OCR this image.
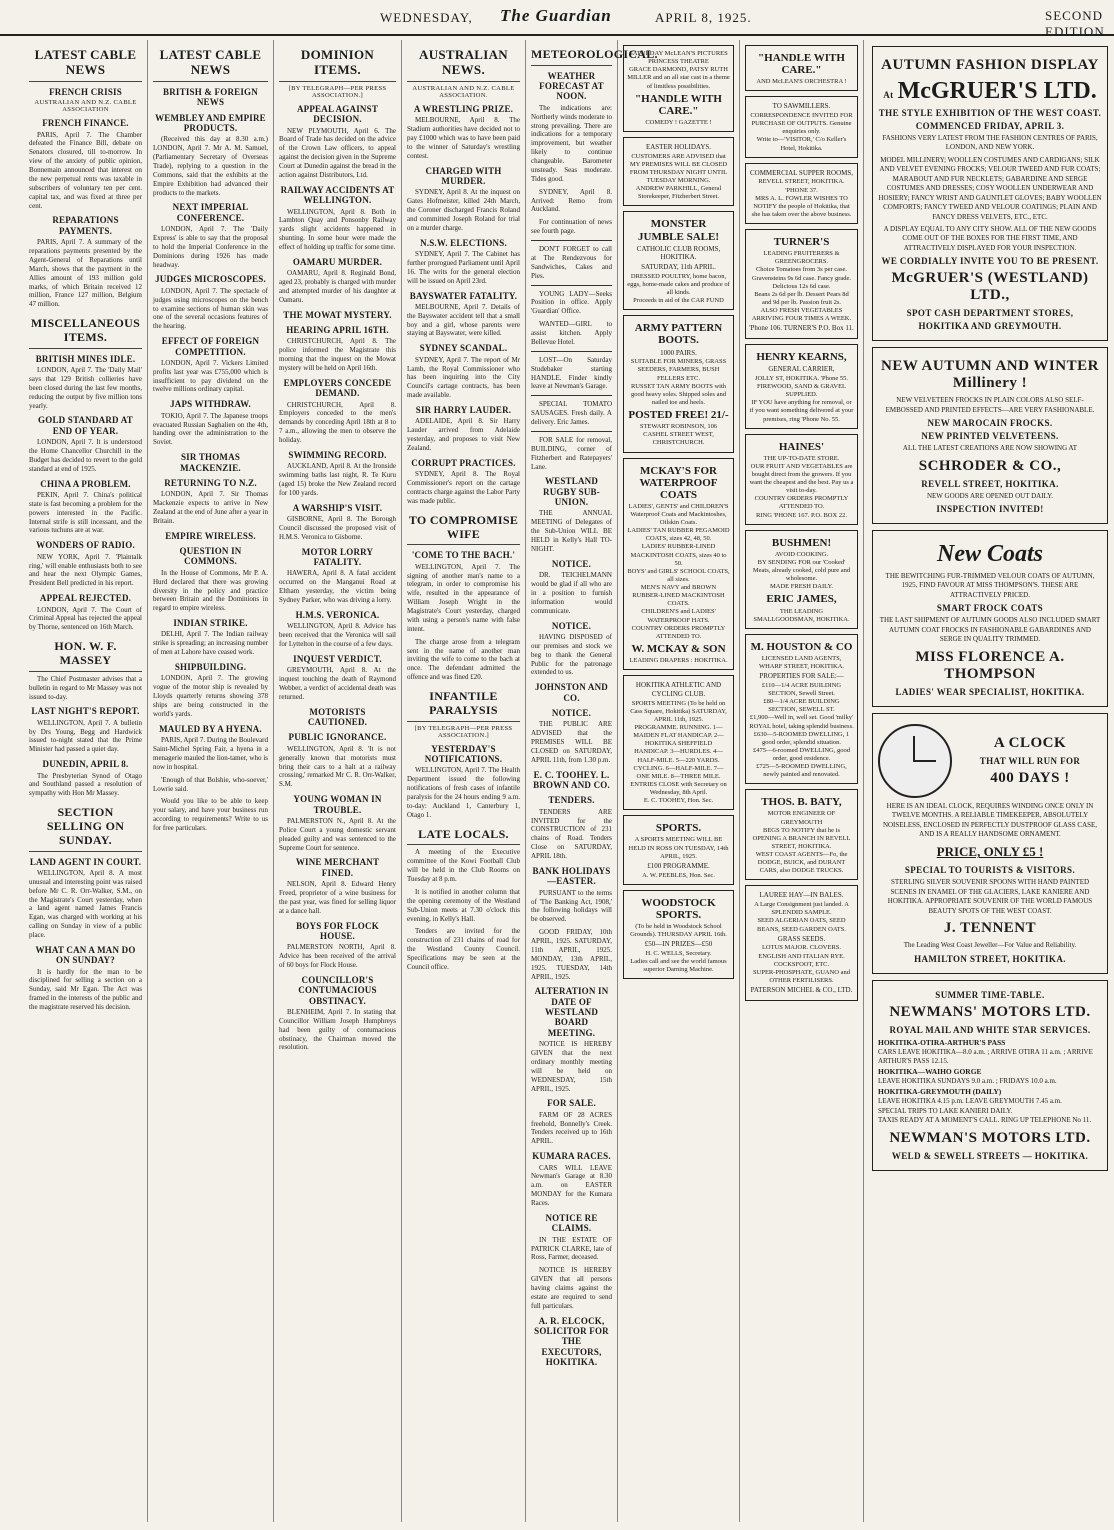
WEDNESDAY, The Guardian	APRIL 8, 1925.	SECOND EDITION
LATEST CABLE NEWS
FRENCH CRISIS
AUSTRALIAN AND N.Z. CABLE ASSOCIATION
FRENCH FINANCE.

PARIS, April 7. The Chamber defeated the Finance Bill, debate on Senators closured, till to-morrow. In view of the anxiety of public opinion, Bonnemain announced that interest on the new perpetual rents was taxable in subscribers of voluntary ten per cent. capital tax, and was fixed at three per cent.

REPARATIONS PAYMENTS.

PARIS, April 7. A summary of the reparations payments presented by the Agent-General of Reparations until March, shows that the payment in the Allies amount of 193 million gold marks, of which Britain received 12 million, France 127 million, Belgium 47 million.

MISCELLANEOUS ITEMS.
BRITISH MINES IDLE.

LONDON, April 7. The 'Daily Mail' says that 129 British collieries have been closed during the last few months, reducing the output by five million tons yearly.

GOLD STANDARD AT END OF YEAR.

LONDON, April 7. It is understood the Home Chancellor Churchill in the Budget has decided to revert to the gold standard at end of 1925.

CHINA A PROBLEM.

PEKIN, April 7. China's political state is fast becoming a problem for the powers interested in the Pacific. Internal strife is still incessant, and the various tuchuns are at war.

WONDERS OF RADIO.

NEW YORK, April 7. 'Plaintalk ring,' will enable enthusiasts both to see and hear the next Olympic Games, President Bell predicted in his report.

APPEAL REJECTED.

LONDON, April 7. The Court of Criminal Appeal has rejected the appeal by Thorne, sentenced on 16th March.

HON. W. F. MASSEY

The Chief Postmaster advises that a bulletin in regard to Mr Massey was not issued to-day.

LAST NIGHT'S REPORT.

WELLINGTON, April 7. A bulletin by Drs Young, Begg and Hardwick issued to-night stated that the Prime Minister had passed a quiet day.

DUNEDIN, APRIL 8.

The Presbyterian Synod of Otago and Southland passed a resolution of sympathy with Hon Mr Massey.

SECTION SELLING ON SUNDAY.
LAND AGENT IN COURT.

WELLINGTON, April 8. A most unusual and interesting point was raised before Mr C. R. Orr-Walker, S.M., on the Magistrate's Court yesterday, when a land agent named James Francis Egan, was charged with working at his calling on Sunday in view of a public place.

WHAT CAN A MAN DO ON SUNDAY?

It is hardly for the man to be disciplined for selling a section on a Sunday, said Mr Egan. The Act was framed in the interests of the public and the magistrate reserved his decision.

LATEST CABLE NEWS
BRITISH & FOREIGN NEWS
WEMBLEY AND EMPIRE PRODUCTS.

(Received this day at 8.30 a.m.) LONDON, April 7. Mr A. M. Samuel, (Parliamentary Secretary of Overseas Trade), replying to a question in the Commons, said that the exhibits at the Empire Exhibition had advanced their products to the markets.

NEXT IMPERIAL CONFERENCE.

LONDON, April 7. The 'Daily Express' is able to say that the proposal to hold the Imperial Conference in the Dominions during 1926 has made headway.

JUDGES MICROSCOPES.

LONDON, April 7. The spectacle of judges using microscopes on the bench to examine sections of human skin was one of the several occasions features of the hearing.

EFFECT OF FOREIGN COMPETITION.

LONDON, April 7. Vickers Limited profits last year was £755,000 which is insufficient to pay dividend on the twelve millions ordinary capital.

JAPS WITHDRAW.

TOKIO, April 7. The Japanese troops evacuated Russian Saghalien on the 4th, handing over the administration to the Soviet.

SIR THOMAS MACKENZIE.
RETURNING TO N.Z.

LONDON, April 7. Sir Thomas Mackenzie expects to arrive in New Zealand at the end of June after a year in Britain.

EMPIRE WIRELESS.
QUESTION IN COMMONS.

In the House of Commons, Mr P. A. Hurd declared that there was growing diversity in the policy and practice between Britain and the Dominions in regard to empire wireless.

INDIAN STRIKE.

DELHI, April 7. The Indian railway strike is spreading; an increasing number of men at Lahore have ceased work.

SHIPBUILDING.

LONDON, April 7. The growing vogue of the motor ship is revealed by Lloyds quarterly returns showing 378 ships are being constructed in the world's yards.

MAULED BY A HYENA.

PARIS, April 7. During the Boulevard Saint-Michel Spring Fair, a hyena in a menagerie mauled the lion-tamer, who is now in hospital.

'Enough of that Bolshie, who-soever,' Lowrie said.

Would you like to be able to keep your salary, and have your business run according to requirements? Write to us for free particulars.

DOMINION ITEMS.
[BY TELEGRAPH—PER PRESS ASSOCIATION.]
APPEAL AGAINST DECISION.

NEW PLYMOUTH, April 6. The Board of Trade has decided on the advice of the Crown Law officers, to appeal against the decision given in the Supreme Court at Dunedin against the bread in the action against Distributors, Ltd.

RAILWAY ACCIDENTS AT WELLINGTON.

WELLINGTON, April 8. Both in Lambton Quay and Ponsonby Railway yards slight accidents happened in shunting. In some hour were made the effect of holding up traffic for some time.

OAMARU MURDER.

OAMARU, April 8. Reginald Bond, aged 23, probably is charged with murder and attempted murder of his daughter at Oamaru.

THE MOWAT MYSTERY.
HEARING APRIL 16TH.

CHRISTCHURCH, April 8. The police informed the Magistrate this morning that the inquest on the Mowat mystery will be held on April 16th.

EMPLOYERS CONCEDE DEMAND.

CHRISTCHURCH, April 8. Employers conceded to the men's demands by conceding April 18th at 8 to 7 a.m., allowing the men to observe the holiday.

SWIMMING RECORD.

AUCKLAND, April 8. At the Ironside swimming baths last night, R. Te Kuru (aged 15) broke the New Zealand record for 100 yards.

A WARSHIP'S VISIT.

GISBORNE, April 8. The Borough Council discussed the proposed visit of H.M.S. Veronica to Gisborne.

MOTOR LORRY FATALITY.

HAWERA, April 8. A fatal accident occurred on the Manganui Road at Eltham yesterday, the victim being Sydney Parker, who was driving a lorry.

H.M.S. VERONICA.

WELLINGTON, April 8. Advice has been received that the Veronica will sail for Lyttelton in the course of a few days.

INQUEST VERDICT.

GREYMOUTH, April 8. At the inquest touching the death of Raymond Webber, a verdict of accidental death was returned.

MOTORISTS CAUTIONED.
PUBLIC IGNORANCE.

WELLINGTON, April 8. 'It is not generally known that motorists must bring their cars to a halt at a railway crossing,' remarked Mr C. R. Orr-Walker, S.M.

YOUNG WOMAN IN TROUBLE.

PALMERSTON N., April 8. At the Police Court a young domestic servant pleaded guilty and was sentenced to the Supreme Court for sentence.

WINE MERCHANT FINED.

NELSON, April 8. Edward Henry Freed, proprietor of a wine business for the past year, was fined for selling liquor at a dance hall.

BOYS FOR FLOCK HOUSE.

PALMERSTON NORTH, April 8. Advice has been received of the arrival of 60 boys for Flock House.

COUNCILLOR'S CONTUMACIOUS OBSTINACY.

BLENHEIM, April 7. In stating that Councillor William Joseph Humphreys had been guilty of contumacious obstinacy, the Chairman moved the resolution.

AUSTRALIAN NEWS.
AUSTRALIAN AND N.Z. CABLE ASSOCIATION.
A WRESTLING PRIZE.

MELBOURNE, April 8. The Stadium authorities have decided not to pay £1000 which was to have been paid to the winner of Saturday's wrestling contest.

CHARGED WITH MURDER.

SYDNEY, April 8. At the inquest on Gates Hofmeister, killed 24th March, the Coroner discharged Francis Roland and committed Joseph Roland for trial on a murder charge.

N.S.W. ELECTIONS.

SYDNEY, April 7. The Cabinet has further prorogued Parliament until April 16. The writs for the general election will be issued on April 23rd.

BAYSWATER FATALITY.

MELBOURNE, April 7. Details of the Bayswater accident tell that a small boy and a girl, whose parents were staying at Bayswater, were killed.

SYDNEY SCANDAL.

SYDNEY, April 7. The report of Mr Lamb, the Royal Commissioner who has been inquiring into the City Council's cartage contracts, has been made available.

SIR HARRY LAUDER.

ADELAIDE, April 8. Sir Harry Lauder arrived from Adelaide yesterday, and proposes to visit New Zealand.

CORRUPT PRACTICES.

SYDNEY, April 8. The Royal Commissioner's report on the cartage contracts charge against the Labor Party was made public.

TO COMPROMISE WIFE
'COME TO THE BACH.'

WELLINGTON, April 7. The signing of another man's name to a telegram, in order to compromise his wife, resulted in the appearance of William Joseph Wright in the Magistrate's Court yesterday, charged with using a person's name with false intent.

The charge arose from a telegram sent in the name of another man inviting the wife to come to the bach at once. The defendant admitted the offence and was fined £20.

INFANTILE PARALYSIS
[BY TELEGRAPH—PER PRESS ASSOCIATION.]
YESTERDAY'S NOTIFICATIONS.

WELLINGTON, April 7. The Health Department issued the following notifications of fresh cases of infantile paralysis for the 24 hours ending 9 a.m. to-day: Auckland 1, Canterbury 1, Otago 1.

LATE LOCALS.

A meeting of the Executive committee of the Kowi Football Club will be held in the Club Rooms on Tuesday at 8 p.m.

It is notified in another column that the opening ceremony of the Westland Sub-Union meets at 7.30 o'clock this evening, in Kelly's Hall.

Tenders are invited for the construction of 231 chains of road for the Westland County Council. Specifications may be seen at the Council office.

METEOROLOGICAL.
WEATHER FORECAST AT NOON.

The indications are: Northerly winds moderate to strong prevailing. There are indications for a temporary improvement, but weather likely to continue changeable. Barometer unsteady. Seas moderate. Tides good.

SYDNEY, April 8. Arrived: Remo from Auckland.

For continuation of news see fourth page.

DON'T FORGET to call at The Rendezvous for Sandwiches, Cakes and Pies.

YOUNG LADY—Seeks Position in office. Apply 'Guardian' Office.

WANTED—GIRL to assist kitchen. Apply Bellevue Hotel.

LOST—On Saturday Studebaker starting HANDLE. Finder kindly leave at Newman's Garage.

SPECIAL TOMATO SAUSAGES. Fresh daily. A delivery. Eric James.

FOR SALE for removal, BUILDING, corner of Fitzherbert and Ratepayers' Lane.

WESTLAND RUGBY SUB-UNION.

THE ANNUAL MEETING of Delegates of the Sub-Union WILL BE HELD in Kelly's Hall TO-NIGHT.

NOTICE.

DR. TEICHELMANN would be glad if all who are in a position to furnish information would communicate.

NOTICE.

HAVING DISPOSED of our premises and stock we beg to thank the General Public for the patronage extended to us.

JOHNSTON AND CO.
NOTICE.

THE PUBLIC ARE ADVISED that the PREMISES WILL BE CLOSED on SATURDAY, APRIL 11th, from 1.30 p.m.

E. C. TOOHEY. L. BROWN AND CO.
TENDERS.

TENDERS ARE INVITED for the CONSTRUCTION of 231 chains of Road. Tenders Close on SATURDAY, APRIL 18th.

BANK HOLIDAYS—EASTER.

PURSUANT to the terms of 'The Banking Act, 1908,' the following holidays will be observed.

GOOD FRIDAY, 10th APRIL, 1925. SATURDAY, 11th APRIL, 1925. MONDAY, 13th APRIL, 1925. TUESDAY, 14th APRIL, 1925.

ALTERATION IN DATE OF WESTLAND BOARD MEETING.

NOTICE IS HEREBY GIVEN that the next ordinary monthly meeting will be held on WEDNESDAY, 15th APRIL, 1925.

FOR SALE.

FARM OF 28 ACRES freehold, Bonnelly's Creek. Tenders received up to 16th APRIL.

KUMARA RACES.

CARS WILL LEAVE Newman's Garage at 8.30 a.m. on EASTER MONDAY for the Kumara Races.

NOTICE RE CLAIMS.

IN THE ESTATE OF PATRICK CLARKE, late of Ross, Farmer, deceased.

NOTICE IS HEREBY GIVEN that all persons having claims against the estate are required to send full particulars.

A. R. ELCOCK, SOLICITOR FOR THE EXECUTORS, HOKITIKA.
SATURDAY McLEAN'S PICTURES PRINCESS THEATRE
GRACE DARMOND, PATSY RUTH MILLER and an all star cast in a theme of limitless possibilities.
"HANDLE WITH CARE."
COMEDY ! GAZETTE !
EASTER HOLIDAYS.
CUSTOMERS ARE ADVISED that MY PREMISES WILL BE CLOSED FROM THURSDAY NIGHT UNTIL TUESDAY MORNING.
ANDREW PARKHILL, General Storekeeper, Fitzherbert Street.
MONSTER JUMBLE SALE!
CATHOLIC CLUB ROOMS, HOKITIKA.
SATURDAY, 11th APRIL.
DRESSED POULTRY, home bacon, eggs, home-made cakes and produce of all kinds.
Proceeds in aid of the CAR FUND
ARMY PATTERN BOOTS.
1000 PAIRS.
SUITABLE FOR MINERS, GRASS SEEDERS, FARMERS, BUSH FELLERS ETC.
RUSSET TAN ARMY BOOTS with good heavy soles. Shipped soles and nailed toe and heels.
POSTED FREE! 21/-
STEWART ROBINSON, 106 CASHEL STREET WEST, CHRISTCHURCH.
MCKAY'S FOR WATERPROOF COATS
LADIES', GENTS' and CHILDREN'S Waterproof Coats and Mackintoshes, Oilskin Coats.
LADIES' TAN RUBBER PEGAMOID COATS, sizes 42, 48, 50.
LADIES' RUBBER-LINED MACKINTOSH COATS, sizes 40 to 50.
BOYS' and GIRLS' SCHOOL COATS, all sizes.
MEN'S NAVY and BROWN RUBBER-LINED MACKINTOSH COATS.
CHILDREN'S and LADIES' WATERPROOF HATS.
COUNTRY ORDERS PROMPTLY ATTENDED TO.
W. MCKAY & SON
LEADING DRAPERS : HOKITIKA.
HOKITIKA ATHLETIC AND CYCLING CLUB.
SPORTS MEETING (To be held on Cass Square, Hokitika) SATURDAY, APRIL 11th, 1925.
PROGRAMME. RUNNING. 1—MAIDEN FLAT HANDICAP. 2—HOKITIKA SHEFFIELD HANDICAP. 3—HURDLES. 4—HALF-MILE. 5—220 YARDS. CYCLING. 6—HALF-MILE. 7—ONE MILE. 8—THREE MILE.
ENTRIES CLOSE with Secretary on Wednesday, 8th April.
E. C. TOOHEY, Hon. Sec.
SPORTS.
A SPORTS MEETING WILL BE HELD IN ROSS ON TUESDAY, 14th APRIL, 1925.
£100 PROGRAMME.
A. W. PEEBLES, Hon. Sec.
WOODSTOCK SPORTS.
(To be held in Woodstock School Grounds). THURSDAY APRIL 16th.
£50—IN PRIZES—£50
H. C. WELLS, Secretary.
Ladies call and see the world famous superior Darning Machine.
"HANDLE WITH CARE."
AND McLEAN'S ORCHESTRA !
TO SAWMILLERS.
CORRESPONDENCE INVITED FOR PURCHASE OF OUTPUTS. Genuine enquiries only.
Write to—'VISITOR,' C/o Keller's Hotel, Hokitika.
COMMERCIAL SUPPER ROOMS,
REVELL STREET, HOKITIKA. 'PHONE 37.
MRS A. L. FOWLER WISHES TO NOTIFY the people of Hokitika, that she has taken over the above business.
TURNER'S
LEADING FRUITERERS & GREENGROCERS.
Choice Tomatoes from 3s per case. Gravensteins 9s 6d case. Fancy grade. Delicious 12s 6d case.
Beans 2s 6d per lb. Dessert Pears 8d and 9d per lb. Passion fruit 2s.
ALSO FRESH VEGETABLES ARRIVING FOUR TIMES A WEEK.
'Phone 106. TURNER'S P.O. Box 11.
HENRY KEARNS,
GENERAL CARRIER,
JOLLY ST, HOKITIKA. 'Phone 55.
FIREWOOD, SAND & GRAVEL SUPPLIED.
IF YOU have anything for removal, or if you want something delivered at your premises, ring 'Phone No. 55.
HAINES'
THE UP-TO-DATE STORE.
OUR FRUIT AND VEGETABLES are bought direct from the growers. If you want the cheapest and the best. Pay us a visit to-day.
COUNTRY ORDERS PROMPTLY ATTENDED TO.
RING 'PHONE 167. P.O. BOX 22.
BUSHMEN!
AVOID COOKING.
BY SENDING FOR our 'Cooked' Meats, already cooked, cold pure and wholesome.
MADE FRESH DAILY.
ERIC JAMES,
THE LEADING SMALLGOODSMAN, HOKITIKA.
M. HOUSTON & CO
LICENSED LAND AGENTS,
WHARF STREET, HOKITIKA.
PROPERTIES FOR SALE:—
£110—1/4 ACRE BUILDING SECTION, Sewell Street.
£80—1/4 ACRE BUILDING SECTION, SEWELL ST.
£1,900—Well in, well set. Good 'milky' ROYAL hotel, taking splendid business.
£630—5-ROOMED DWELLING, 1 good order, splendid situation.
£475—6-roomed DWELLING, good order, good residence.
£725—5-ROOMED DWELLING, newly painted and renovated.
THOS. B. BATY,
MOTOR ENGINEER OF GREYMOUTH
BEGS TO NOTIFY that he is OPENING A BRANCH IN REVELL STREET, HOKITIKA.
WEST COAST AGENTS—Fo, the DODGE, BUICK, and DURANT CARS, also DODGE TRUCKS.
LAUREE HAY—IN BALES.
A Large Consignment just landed. A SPLENDID SAMPLE.
SEED ALGERIAN OATS, SEED BEANS, SEED GARDEN OATS.
GRASS SEEDS.
LOTUS MAJOR. CLOVERS. ENGLISH AND ITALIAN RYE. COCKSFOOT, ETC.
SUPER-PHOSPHATE, GUANO and OTHER FERTILISERS.
PATERSON MICHEL & CO., LTD.
AUTUMN FASHION DISPLAY
At McGRUER'S LTD.
THE STYLE EXHIBITION OF THE WEST COAST.
COMMENCED FRIDAY, APRIL 3.
FASHIONS VERY LATEST FROM THE FASHION CENTRES OF PARIS, LONDON, AND NEW YORK.
MODEL MILLINERY; WOOLLEN COSTUMES AND CARDIGANS; SILK AND VELVET EVENING FROCKS; VELOUR TWEED AND FUR COATS; MARABOUT AND FUR NECKLETS; GABARDINE AND SERGE COSTUMES AND DRESSES; COSY WOOLLEN UNDERWEAR AND HOSIERY; FANCY WRIST AND GAUNTLET GLOVES; BABY WOOLLEN COMFORTS; FANCY TWEED AND VELOUR COATINGS; PLAIN AND FANCY DRESS VELVETS, ETC., ETC.
A DISPLAY EQUAL TO ANY CITY SHOW. ALL OF THE NEW GOODS COME OUT OF THE BOXES FOR THE FIRST TIME, AND ATTRACTIVELY DISPLAYED FOR YOUR INSPECTION.
WE CORDIALLY INVITE YOU TO BE PRESENT.
McGRUER'S (WESTLAND) LTD.,
SPOT CASH DEPARTMENT STORES,
HOKITIKA AND GREYMOUTH.
NEW AUTUMN AND WINTER Millinery !
NEW VELVETEEN FROCKS IN PLAIN COLORS ALSO SELF-EMBOSSED AND PRINTED EFFECTS—ARE VERY FASHIONABLE.
NEW MAROCAIN FROCKS.
NEW PRINTED VELVETEENS.
ALL THE LATEST CREATIONS ARE NOW SHOWING AT
SCHRODER & CO.,
REVELL STREET, HOKITIKA.
NEW GOODS ARE OPENED OUT DAILY.
INSPECTION INVITED!
New Coats
THE BEWITCHING FUR-TRIMMED VELOUR COATS OF AUTUMN, 1925, FIND FAVOUR AT MISS THOMPSON'S. THESE ARE ATTRACTIVELY PRICED.
SMART FROCK COATS
THE LAST SHIPMENT OF AUTUMN GOODS ALSO INCLUDED SMART AUTUMN COAT FROCKS IN FASHIONABLE GABARDINES AND SERGE IN QUALITY TRIMMED.
MISS FLORENCE A. THOMPSON
LADIES' WEAR SPECIALIST, HOKITIKA.
A CLOCK
THAT WILL RUN FOR
400 DAYS !
HERE IS AN IDEAL CLOCK, REQUIRES WINDING ONCE ONLY IN TWELVE MONTHS. A RELIABLE TIMEKEEPER, ABSOLUTELY NOISELESS, ENCLOSED IN PERFECTLY DUSTPROOF GLASS CASE, AND IS A REALLY HANDSOME ORNAMENT.
PRICE, ONLY £5 !
SPECIAL TO TOURISTS & VISITORS.
STERLING SILVER SOUVENIR SPOONS WITH HAND PAINTED SCENES IN ENAMEL OF THE GLACIERS, LAKE KANIERE AND HOKITIKA. APPROPRIATE SOUVENIR OF THE WORLD FAMOUS BEAUTY SPOTS OF THE WEST COAST.
J. TENNENT
The Leading West Coast Jeweller—For Value and Reliability.
HAMILTON STREET, HOKITIKA.
SUMMER TIME-TABLE.
NEWMANS' MOTORS LTD.
ROYAL MAIL AND WHITE STAR SERVICES.
HOKITIKA-OTIRA-ARTHUR'S PASS
CARS LEAVE HOKITIKA—8.0 a.m. ; ARRIVE OTIRA 11 a.m. ; ARRIVE ARTHUR'S PASS 12.15.
HOKITIKA—WAIHO GORGE
LEAVE HOKITIKA SUNDAYS 9.0 a.m. ; FRIDAYS 10.0 a.m.
HOKITIKA-GREYMOUTH (DAILY)
LEAVE HOKITIKA 4.15 p.m. LEAVE GREYMOUTH 7.45 a.m.
SPECIAL TRIPS TO LAKE KANIERI DAILY.
TAXIS READY AT A MOMENT'S CALL. RING UP TELEPHONE No 11.
NEWMAN'S MOTORS LTD.
WELD & SEWELL STREETS — HOKITIKA.
